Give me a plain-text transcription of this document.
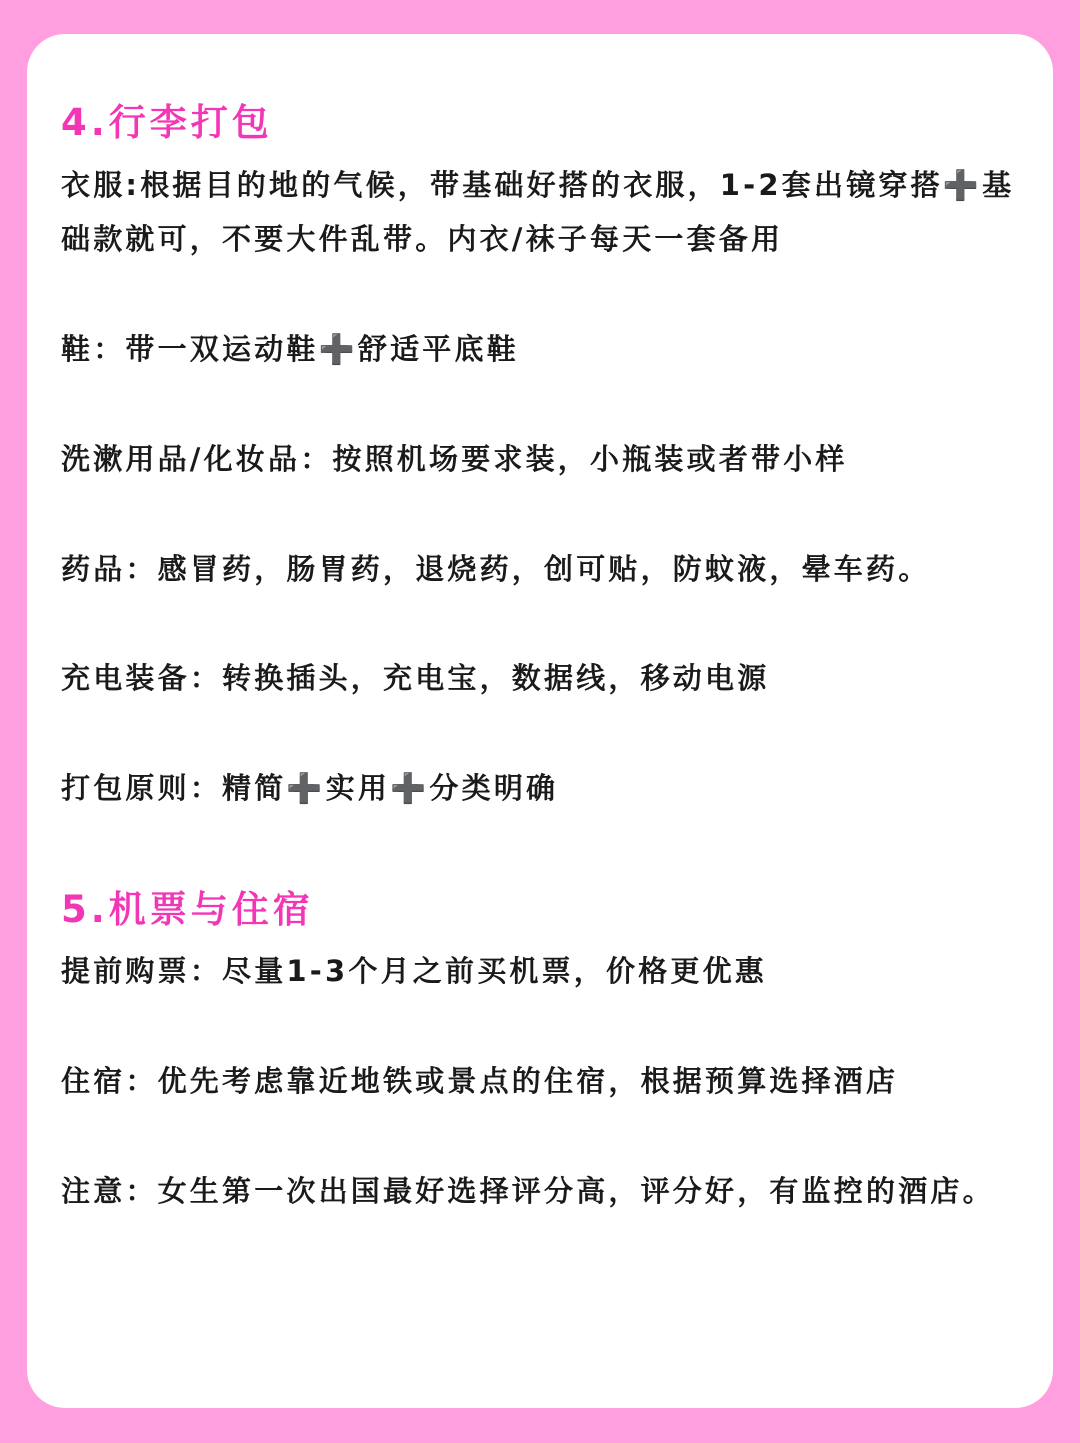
4.行李打包

衣服:根据目的地的气候，带基础好搭的衣服，1-2套出镜穿搭➕基础款就可，不要大件乱带。内衣/袜子每天一套备用

鞋：带一双运动鞋➕舒适平底鞋

洗漱用品/化妆品：按照机场要求装，小瓶装或者带小样

药品：感冒药，肠胃药，退烧药，创可贴，防蚊液，晕车药。

充电装备：转换插头，充电宝，数据线，移动电源

打包原则：精简➕实用➕分类明确

5.机票与住宿

提前购票：尽量1-3个月之前买机票，价格更优惠

住宿：优先考虑靠近地铁或景点的住宿，根据预算选择酒店

注意：女生第一次出国最好选择评分高，评分好，有监控的酒店。
